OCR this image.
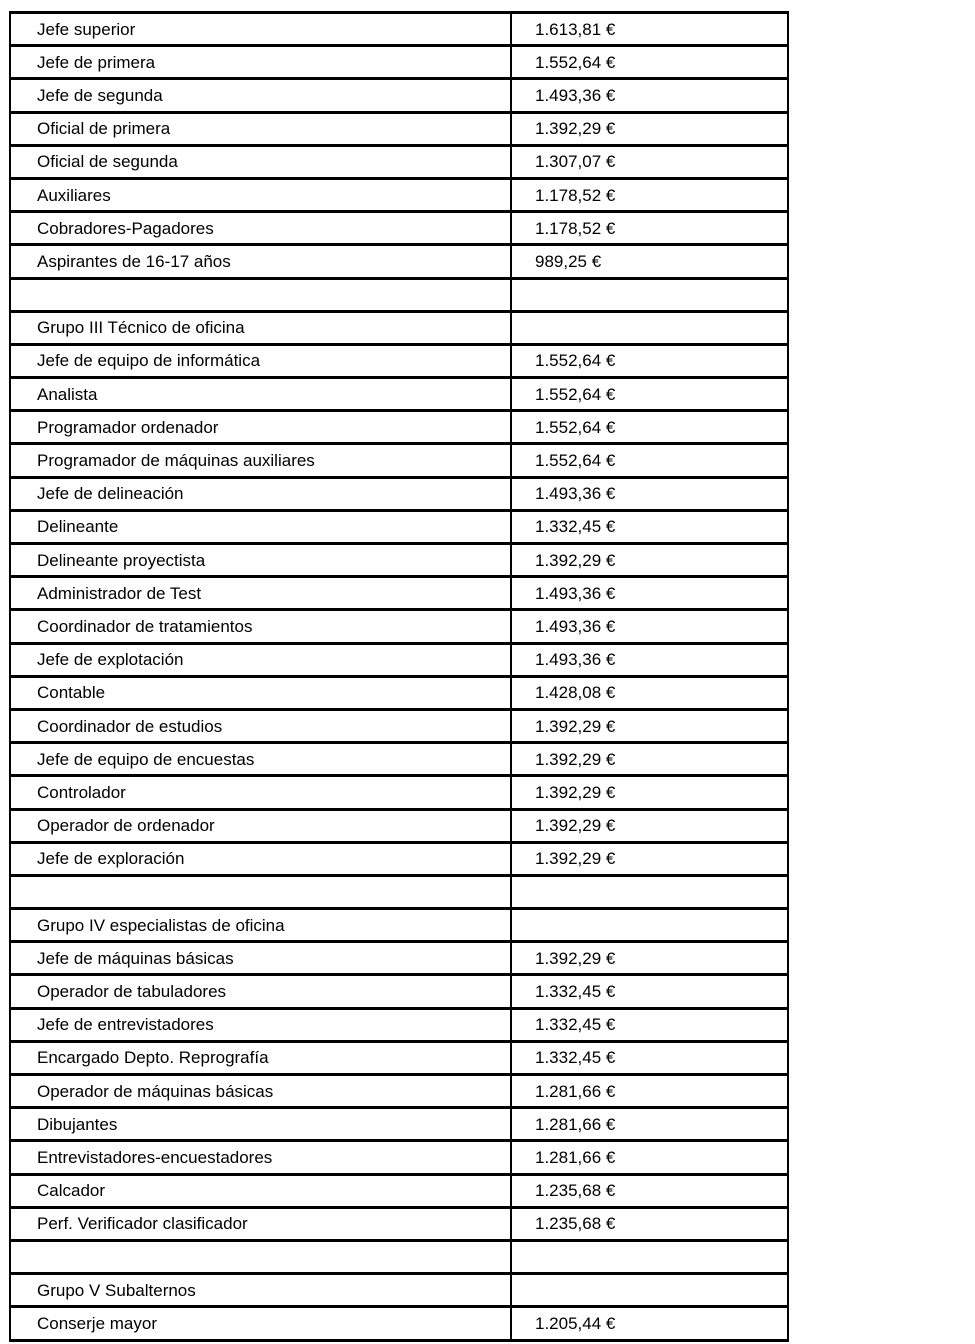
Jefe superior	1.613,81 €
Jefe de primera	1.552,64 €
Jefe de segunda	1.493,36 €
Oficial de primera	1.392,29 €
Oficial de segunda	1.307,07 €
Auxiliares	1.178,52 €
Cobradores-Pagadores	1.178,52 €
Aspirantes de 16-17 años	989,25 €

Grupo III Técnico de oficina	
Jefe de equipo de informática	1.552,64 €
Analista	1.552,64 €
Programador ordenador	1.552,64 €
Programador de máquinas auxiliares	1.552,64 €
Jefe de delineación	1.493,36 €
Delineante	1.332,45 €
Delineante proyectista	1.392,29 €
Administrador de Test	1.493,36 €
Coordinador de tratamientos	1.493,36 €
Jefe de explotación	1.493,36 €
Contable	1.428,08 €
Coordinador de estudios	1.392,29 €
Jefe de equipo de encuestas	1.392,29 €
Controlador	1.392,29 €
Operador de ordenador	1.392,29 €
Jefe de exploración	1.392,29 €

Grupo IV especialistas de oficina	
Jefe de máquinas básicas	1.392,29 €
Operador de tabuladores	1.332,45 €
Jefe de entrevistadores	1.332,45 €
Encargado Depto. Reprografía	1.332,45 €
Operador de máquinas básicas	1.281,66 €
Dibujantes	1.281,66 €
Entrevistadores-encuestadores	1.281,66 €
Calcador	1.235,68 €
Perf. Verificador clasificador	1.235,68 €

Grupo V Subalternos	
Conserje mayor	1.205,44 €
